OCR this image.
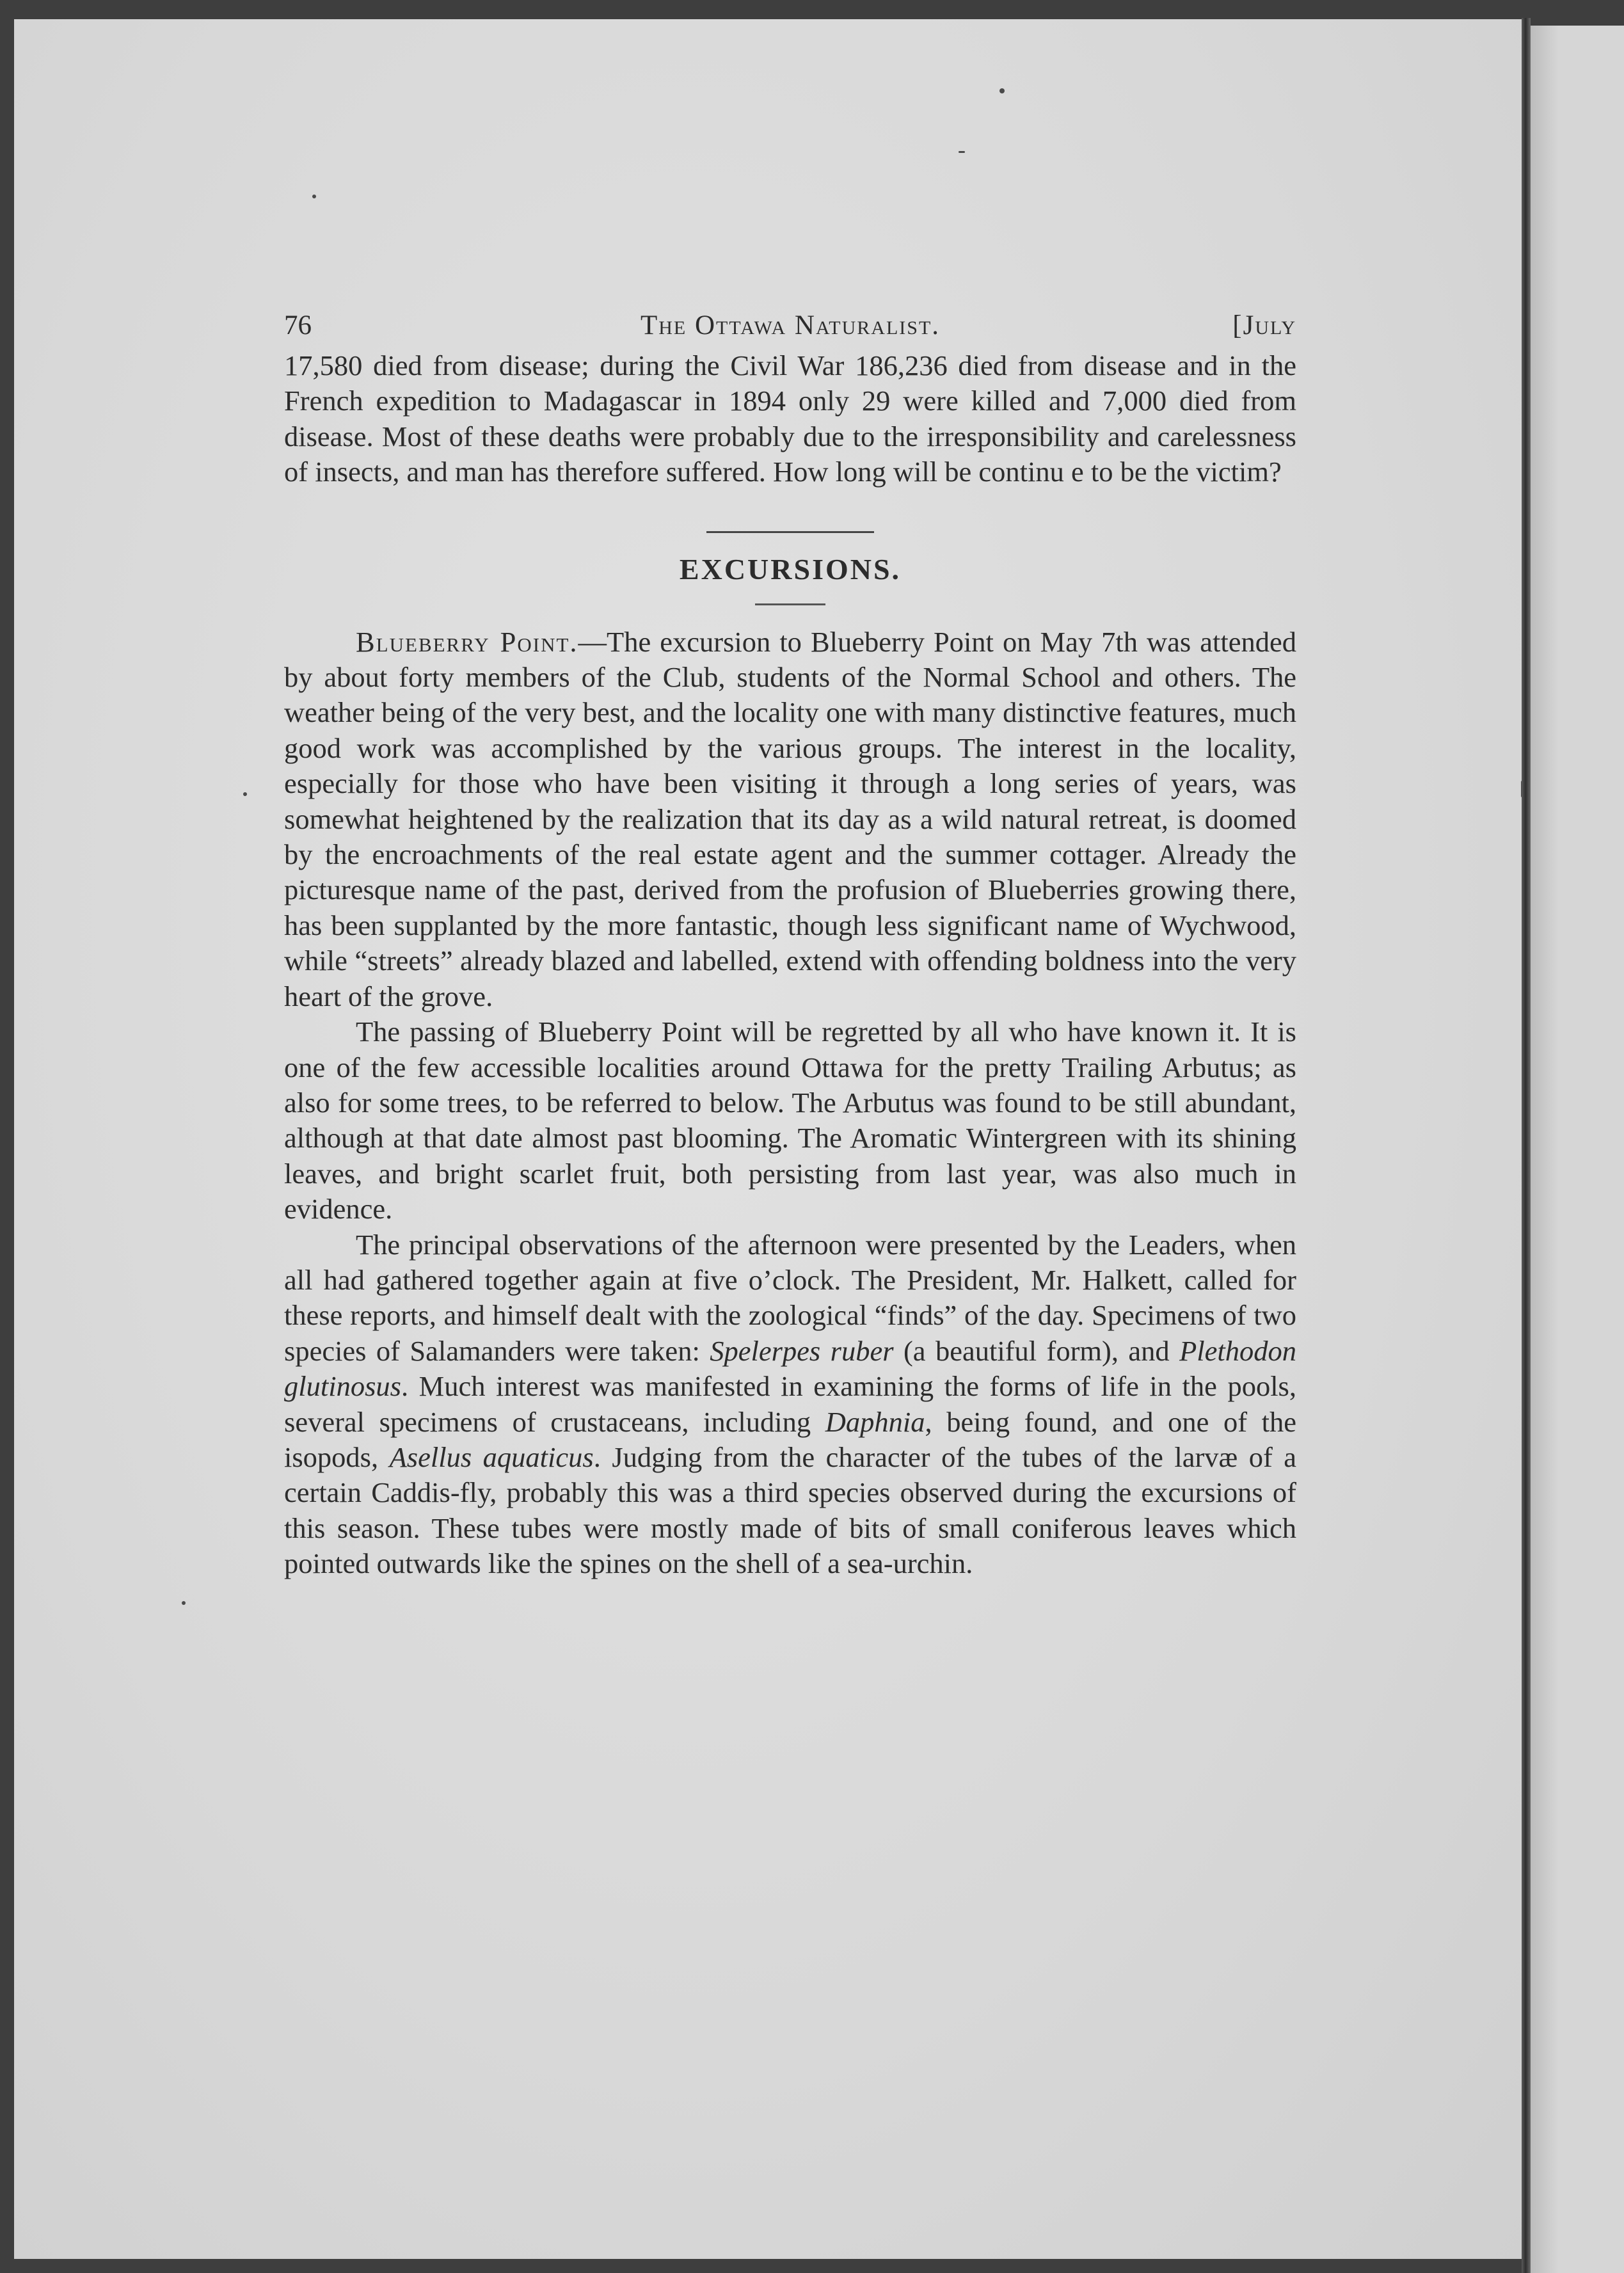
76	The Ottawa Naturalist.	[July

17,580 died from disease; during the Civil War 186,236 died from disease and in the French expedition to Madagascar in 1894 only 29 were killed and 7,000 died from disease. Most of these deaths were probably due to the irresponsibility and carelessness of insects, and man has therefore suffered. How long will be continu e to be the victim?

EXCURSIONS.

Blueberry Point.—The excursion to Blueberry Point on May 7th was attended by about forty members of the Club, students of the Normal School and others. The weather being of the very best, and the locality one with many distinctive features, much good work was accomplished by the various groups. The interest in the locality, especially for those who have been visiting it through a long series of years, was somewhat heightened by the realization that its day as a wild natural retreat, is doomed by the encroachments of the real estate agent and the summer cottager. Already the picturesque name of the past, derived from the profusion of Blueberries growing there, has been supplanted by the more fantastic, though less significant name of Wychwood, while “streets” already blazed and labelled, extend with offending boldness into the very heart of the grove.

The passing of Blueberry Point will be regretted by all who have known it. It is one of the few accessible localities around Ottawa for the pretty Trailing Arbutus; as also for some trees, to be referred to below. The Arbutus was found to be still abundant, although at that date almost past blooming. The Aromatic Wintergreen with its shining leaves, and bright scarlet fruit, both persisting from last year, was also much in evidence.

The principal observations of the afternoon were presented by the Leaders, when all had gathered together again at five o’clock. The President, Mr. Halkett, called for these reports, and himself dealt with the zoological “finds” of the day. Specimens of two species of Salamanders were taken: Spelerpes ruber (a beautiful form), and Plethodon glutinosus. Much interest was manifested in examining the forms of life in the pools, several specimens of crustaceans, including Daphnia, being found, and one of the isopods, Asellus aquaticus. Judging from the character of the tubes of the larvæ of a certain Caddis-fly, probably this was a third species observed during the excursions of this season. These tubes were mostly made of bits of small coniferous leaves which pointed outwards like the spines on the shell of a sea-urchin.
